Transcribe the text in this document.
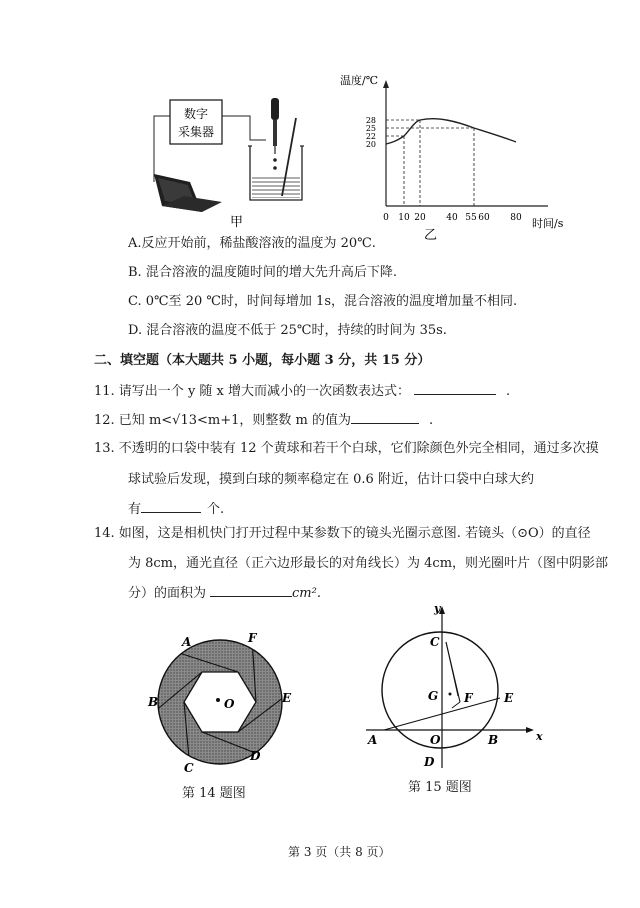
数字
采集器
甲
温度/℃
时间/s
28
25
22
20
0 10 20 40 55 60 80
乙
A.反应开始前，稀盐酸溶液的温度为 20℃.
B. 混合溶液的温度随时间的增大先升高后下降.
C. 0℃至 20 ℃时，时间每增加 1s，混合溶液的温度增加量不相同.
D. 混合溶液的温度不低于 25℃时，持续的时间为 35s.
二、填空题（本大题共 5 小题，每小题 3 分，共 15 分）
11. 请写出一个 y 随 x 增大而减小的一次函数表达式：	.
12. 已知 m<√13<m+1，则整数 m 的值为	.
13. 不透明的口袋中装有 12 个黄球和若干个白球，它们除颜色外完全相同，通过多次摸
球试验后发现，摸到白球的频率稳定在 0.6 附近，估计口袋中白球大约
有	个.
14. 如图，这是相机快门打开过程中某参数下的镜头光圈示意图. 若镜头（⊙O）的直径
为 8cm，通光直径（正六边形最长的对角线长）为 4cm，则光圈叶片（图中阴影部
分）的面积为	cm².
O
A	F
E
D
C
B
第 14 题图
x
y
C
G F	E
A	O	B
D
第 15 题图
第 3 页（共 8 页）
